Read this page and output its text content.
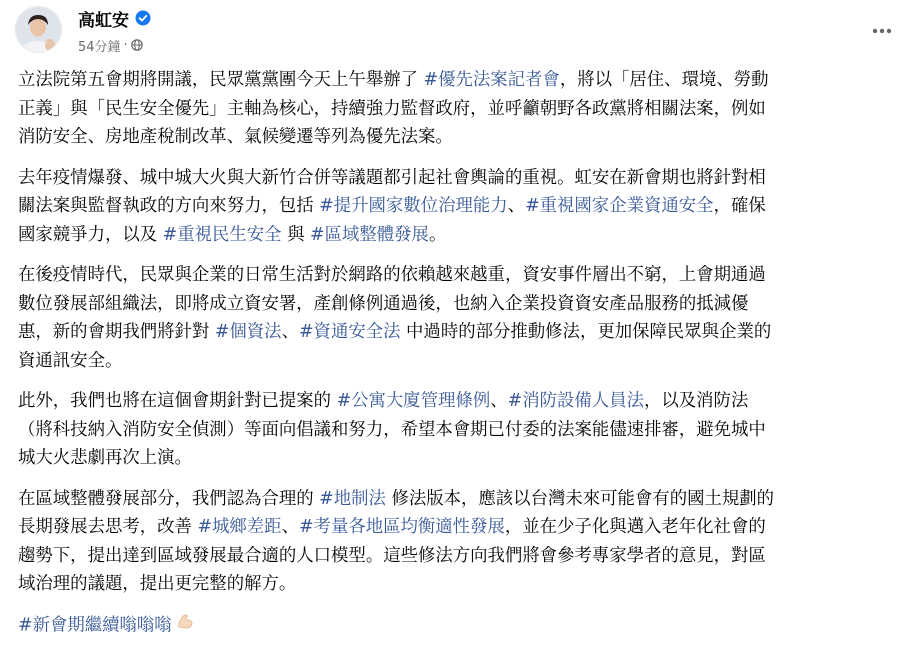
高虹安
54分鐘 ·

立法院第五會期將開議，民眾黨黨團今天上午舉辦了 #優先法案記者會，將以「居住、環境、勞動
正義」與「民生安全優先」主軸為核心，持續強力監督政府，並呼籲朝野各政黨將相關法案，例如
消防安全、房地產稅制改革、氣候變遷等列為優先法案。

去年疫情爆發、城中城大火與大新竹合併等議題都引起社會輿論的重視。虹安在新會期也將針對相
關法案與監督執政的方向來努力，包括 #提升國家數位治理能力、#重視國家企業資通安全，確保
國家競爭力，以及 #重視民生安全 與 #區域整體發展。

在後疫情時代，民眾與企業的日常生活對於網路的依賴越來越重，資安事件層出不窮，上會期通過
數位發展部組織法，即將成立資安署，產創條例通過後，也納入企業投資資安產品服務的抵減優
惠，新的會期我們將針對 #個資法、#資通安全法 中過時的部分推動修法，更加保障民眾與企業的
資通訊安全。

此外，我們也將在這個會期針對已提案的 #公寓大廈管理條例、#消防設備人員法，以及消防法
（將科技納入消防安全偵測）等面向倡議和努力，希望本會期已付委的法案能儘速排審，避免城中
城大火悲劇再次上演。

在區域整體發展部分，我們認為合理的 #地制法 修法版本，應該以台灣未來可能會有的國土規劃的
長期發展去思考，改善 #城鄉差距、#考量各地區均衡適性發展，並在少子化與邁入老年化社會的
趨勢下，提出達到區域發展最合適的人口模型。這些修法方向我們將會參考專家學者的意見，對區
域治理的議題，提出更完整的解方。

#新會期繼續嗡嗡嗡
